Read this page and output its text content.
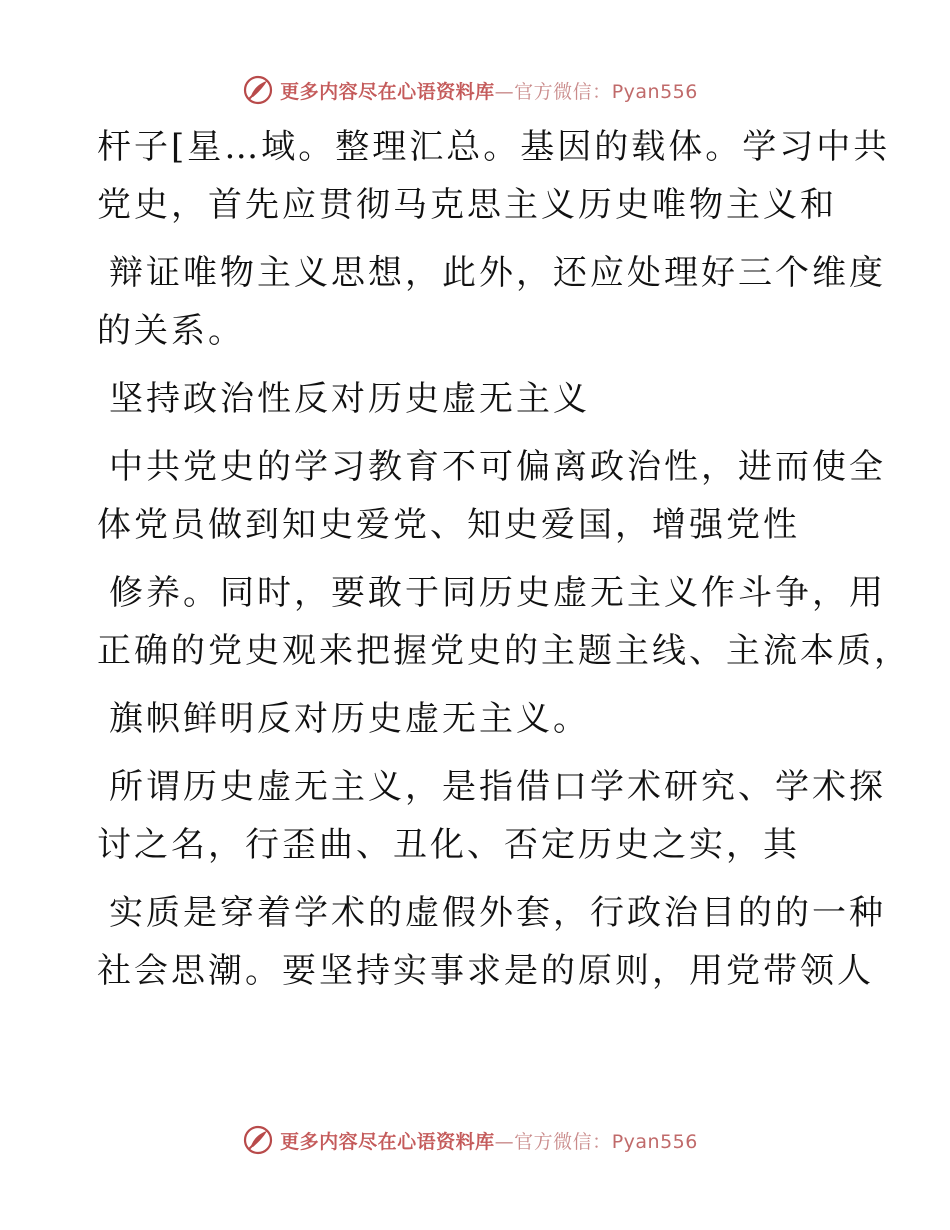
更多内容尽在心语资料库—官方微信：Pyan556

杆子[星…域。整理汇总。基因的载体。学习中共
党史，首先应贯彻马克思主义历史唯物主义和

辩证唯物主义思想，此外，还应处理好三个维度
的关系。

坚持政治性反对历史虚无主义

中共党史的学习教育不可偏离政治性，进而使全
体党员做到知史爱党、知史爱国，增强党性

修养。同时，要敢于同历史虚无主义作斗争，用
正确的党史观来把握党史的主题主线、主流本质，

旗帜鲜明反对历史虚无主义。

所谓历史虚无主义，是指借口学术研究、学术探
讨之名，行歪曲、丑化、否定历史之实，其

实质是穿着学术的虚假外套，行政治目的的一种
社会思潮。要坚持实事求是的原则，用党带领人

更多内容尽在心语资料库—官方微信：Pyan556
